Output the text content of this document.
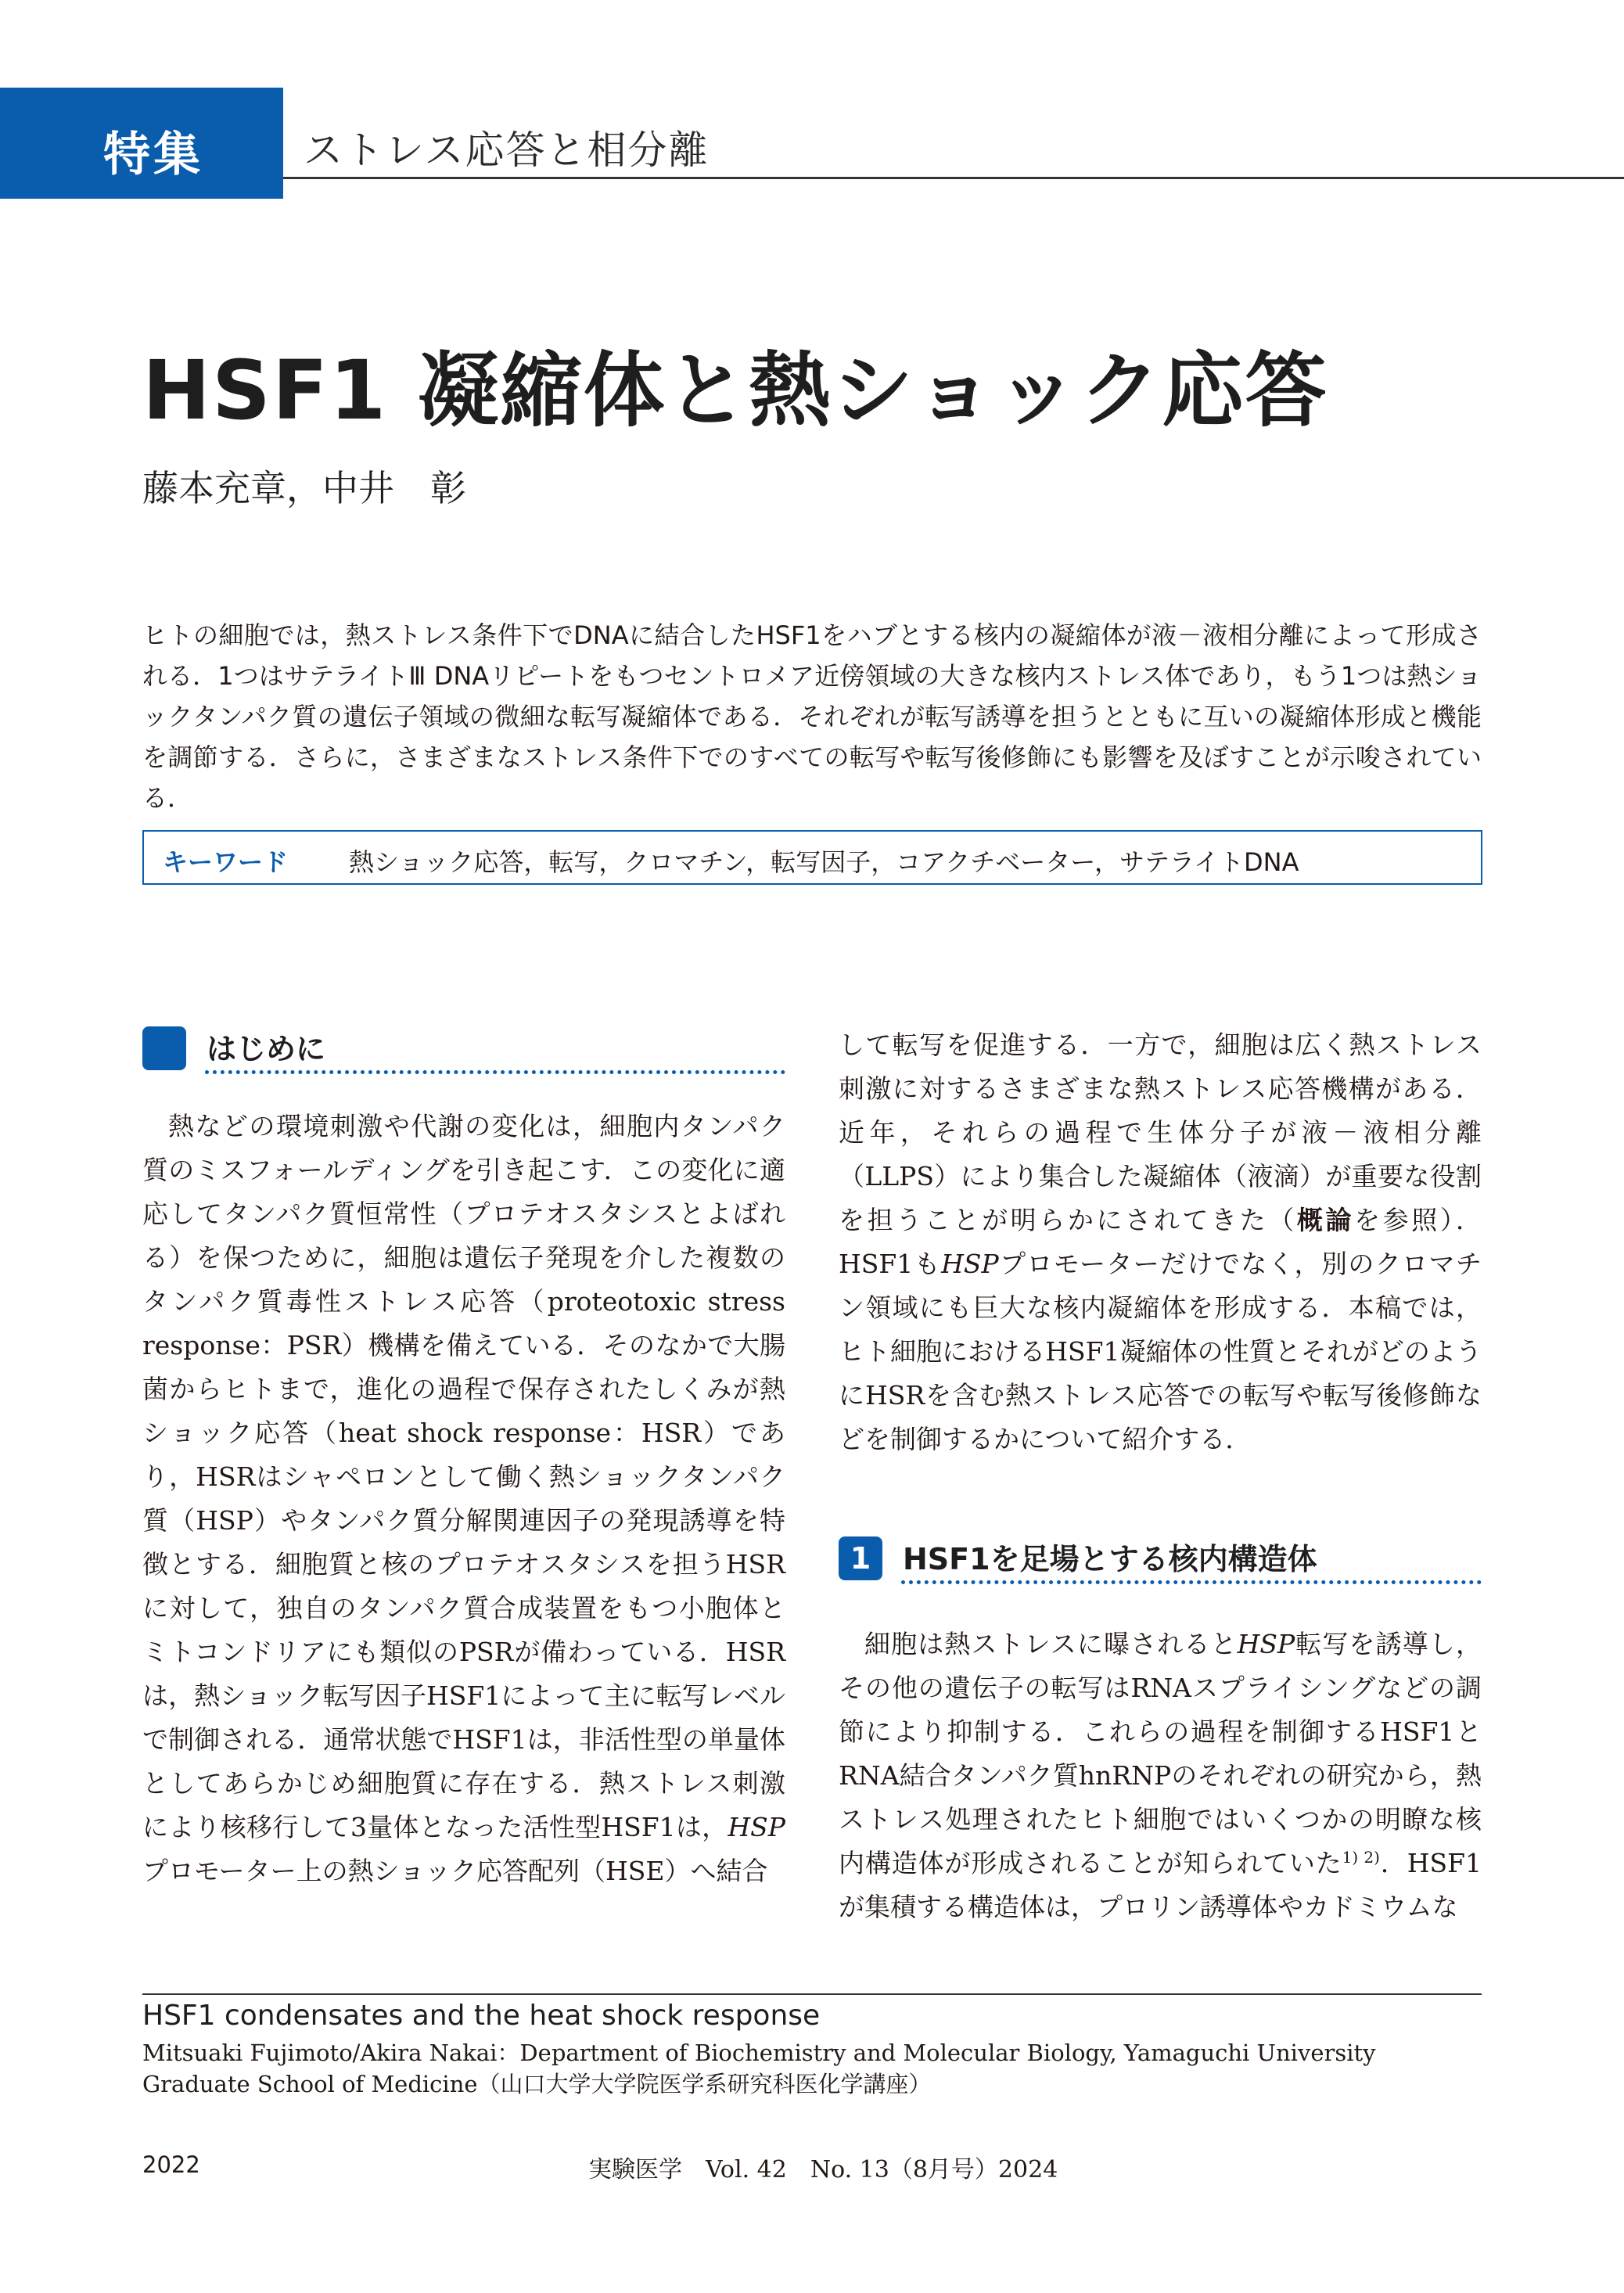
特集	ストレス応答と相分離
HSF1 凝縮体と熱ショック応答
藤本充章，中井　彰
ヒトの細胞では，熱ストレス条件下でDNAに結合したHSF1をハブとする核内の凝縮体が液－液相分離によって形成される．1つはサテライトⅢ DNAリピートをもつセントロメア近傍領域の大きな核内ストレス体であり，もう1つは熱ショックタンパク質の遺伝子領域の微細な転写凝縮体である．それぞれが転写誘導を担うとともに互いの凝縮体形成と機能を調節する．さらに，さまざまなストレス条件下でのすべての転写や転写後修飾にも影響を及ぼすことが示唆されている．
キーワード 熱ショック応答，転写，クロマチン，転写因子，コアクチベーター，サテライトDNA
はじめに

熱などの環境刺激や代謝の変化は，細胞内タンパク質のミスフォールディングを引き起こす．この変化に適応してタンパク質恒常性（プロテオスタシスとよばれる）を保つために，細胞は遺伝子発現を介した複数のタンパク質毒性ストレス応答（proteotoxic stress response：PSR）機構を備えている．そのなかで大腸菌からヒトまで，進化の過程で保存されたしくみが熱ショック応答（heat shock response：HSR）であり，HSRはシャペロンとして働く熱ショックタンパク質（HSP）やタンパク質分解関連因子の発現誘導を特徴とする．細胞質と核のプロテオスタシスを担うHSRに対して，独自のタンパク質合成装置をもつ小胞体とミトコンドリアにも類似のPSRが備わっている．HSRは，熱ショック転写因子HSF1によって主に転写レベルで制御される．通常状態でHSF1は，非活性型の単量体としてあらかじめ細胞質に存在する．熱ストレス刺激により核移行して3量体となった活性型HSF1は，HSPプロモーター上の熱ショック応答配列（HSE）へ結合

して転写を促進する．一方で，細胞は広く熱ストレス刺激に対するさまざまな熱ストレス応答機構がある．近年，それらの過程で生体分子が液－液相分離（LLPS）により集合した凝縮体（液滴）が重要な役割を担うことが明らかにされてきた（概論を参照）．HSF1もHSPプロモーターだけでなく，別のクロマチン領域にも巨大な核内凝縮体を形成する．本稿では，ヒト細胞におけるHSF1凝縮体の性質とそれがどのようにHSRを含む熱ストレス応答での転写や転写後修飾などを制御するかについて紹介する．

1	HSF1を足場とする核内構造体

細胞は熱ストレスに曝されるとHSP転写を誘導し，その他の遺伝子の転写はRNAスプライシングなどの調節により抑制する．これらの過程を制御するHSF1とRNA結合タンパク質hnRNPのそれぞれの研究から，熱ストレス処理されたヒト細胞ではいくつかの明瞭な核内構造体が形成されることが知られていた$^{1) 2)}$．HSF1が集積する構造体は，プロリン誘導体やカドミウムな

HSF1 condensates and the heat shock response
Mitsuaki Fujimoto/Akira Nakai：Department of Biochemistry and Molecular Biology, Yamaguchi University Graduate School of Medicine（山口大学大学院医学系研究科医化学講座）
2022	実験医学　Vol. 42　No. 13（8月号）2024
